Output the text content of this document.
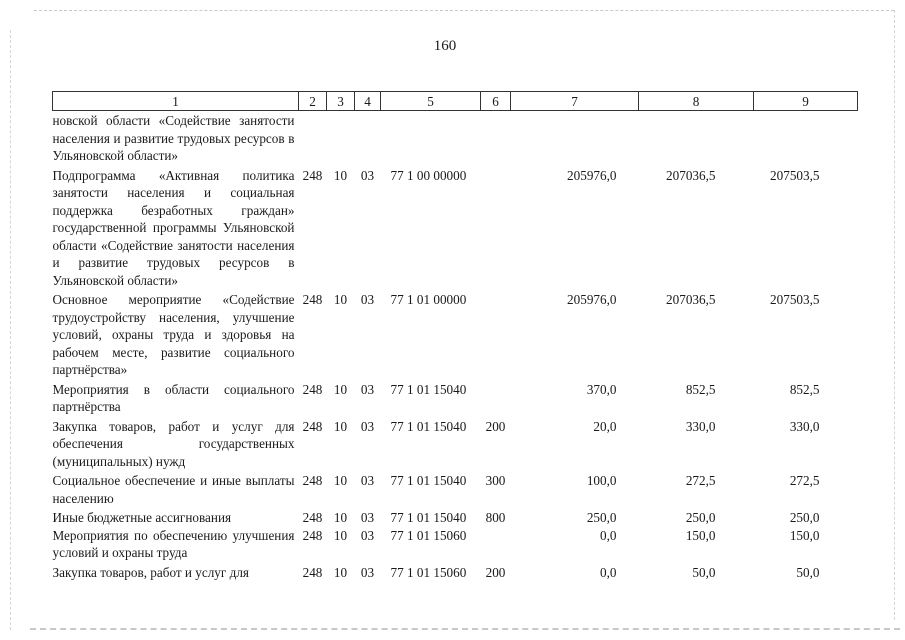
160
1	2	3	4	5	6	7	8	9
новской области «Содействие занятости населения и развитие трудовых ресурсов в Ульяновской области»								
Подпрограмма «Активная политика занятости населения и социальная поддержка безработных граждан» государственной программы Ульяновской области «Содействие занятости населения и развитие трудовых ресурсов в Ульяновской области»	248	10	03	77 1 00 00000		205976,0	207036,5	207503,5
Основное мероприятие «Содействие трудоустройству населения, улучшение условий, охраны труда и здоровья на рабочем месте, развитие социального партнёрства»	248	10	03	77 1 01 00000		205976,0	207036,5	207503,5
Мероприятия в области социального партнёрства	248	10	03	77 1 01 15040		370,0	852,5	852,5
Закупка товаров, работ и услуг для обеспечения государственных (муниципальных) нужд	248	10	03	77 1 01 15040	200	20,0	330,0	330,0
Социальное обеспечение и иные выплаты населению	248	10	03	77 1 01 15040	300	100,0	272,5	272,5
Иные бюджетные ассигнования	248	10	03	77 1 01 15040	800	250,0	250,0	250,0
Мероприятия по обеспечению улучшения условий и охраны труда	248	10	03	77 1 01 15060		0,0	150,0	150,0
Закупка товаров, работ и услуг для	248	10	03	77 1 01 15060	200	0,0	50,0	50,0
